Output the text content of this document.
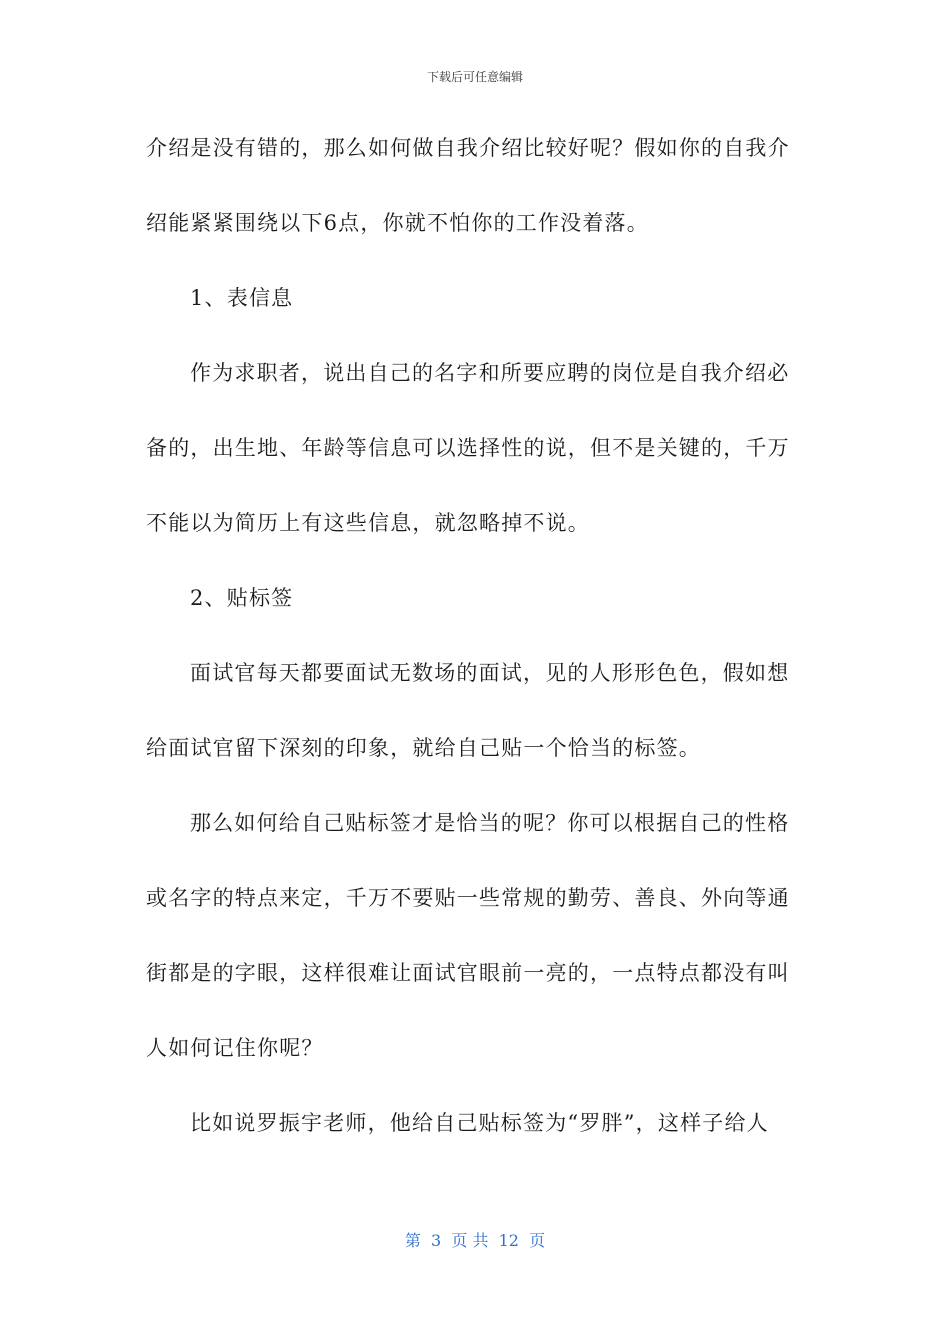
下载后可任意编辑
介绍是没有错的，那么如何做自我介绍比较好呢？假如你的自我介
绍能紧紧围绕以下6点，你就不怕你的工作没着落。
1、表信息
作为求职者，说出自己的名字和所要应聘的岗位是自我介绍必
备的，出生地、年龄等信息可以选择性的说，但不是关键的，千万
不能以为简历上有这些信息，就忽略掉不说。
2、贴标签
面试官每天都要面试无数场的面试，见的人形形色色，假如想
给面试官留下深刻的印象，就给自己贴一个恰当的标签。
那么如何给自己贴标签才是恰当的呢？你可以根据自己的性格
或名字的特点来定，千万不要贴一些常规的勤劳、善良、外向等通
街都是的字眼，这样很难让面试官眼前一亮的，一点特点都没有叫
人如何记住你呢？
比如说罗振宇老师，他给自己贴标签为“罗胖”，这样子给人
第  3  页 共  12  页
